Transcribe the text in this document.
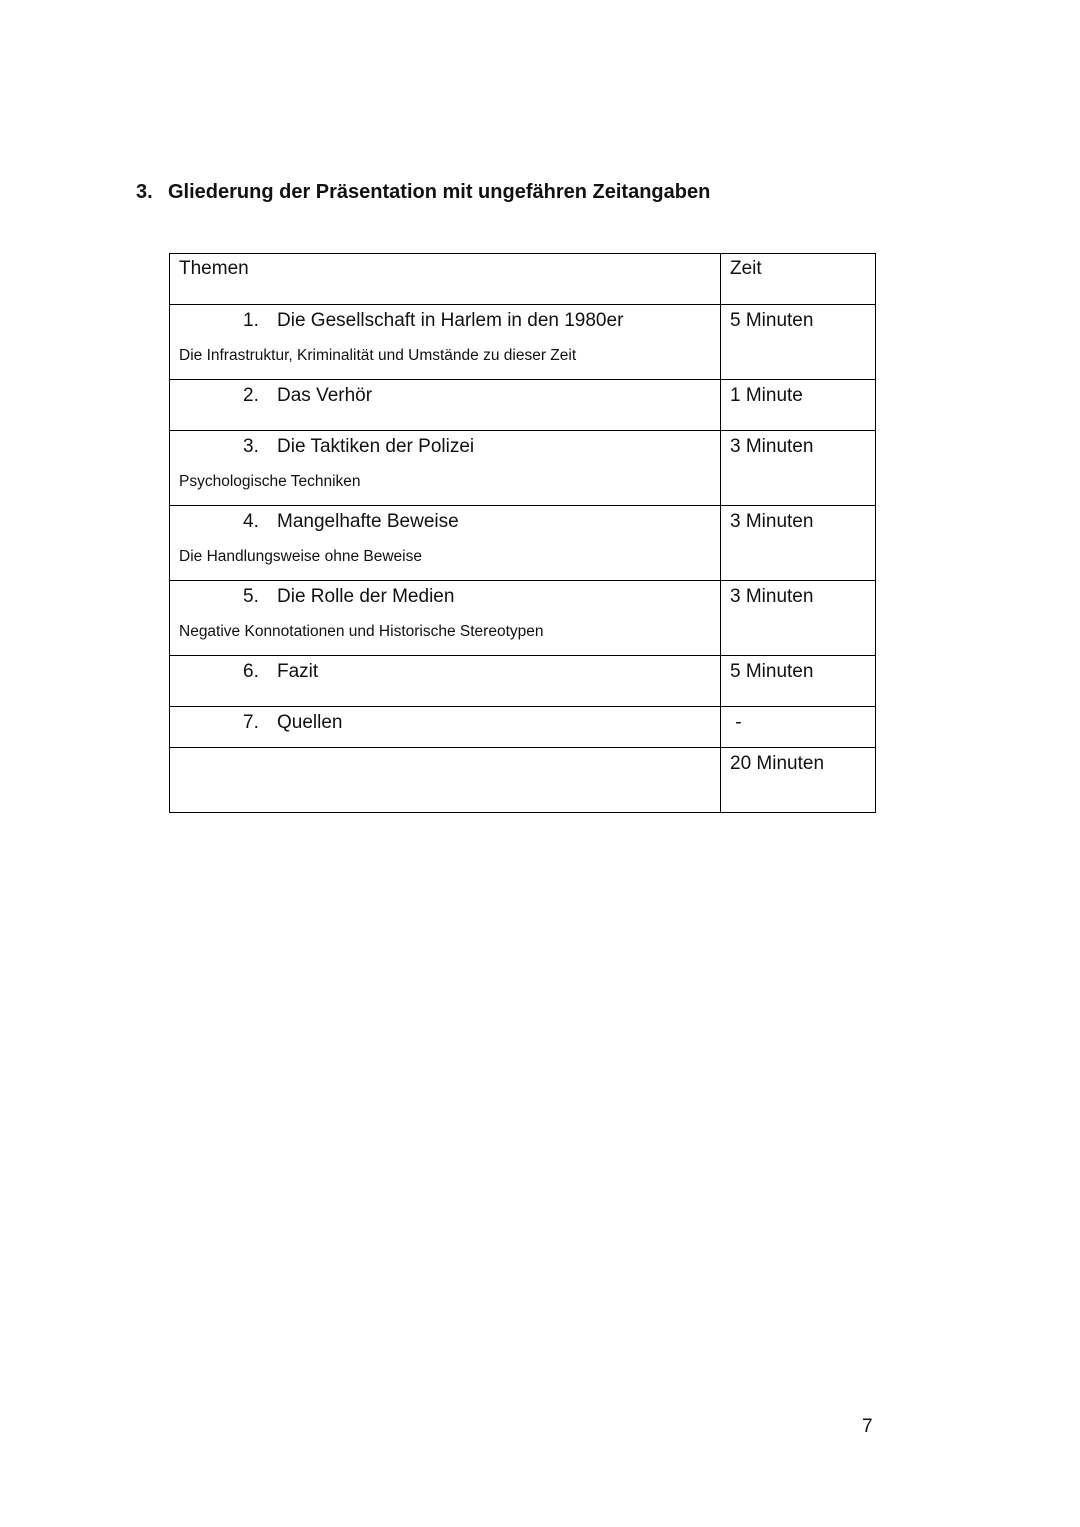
3. Gliederung der Präsentation mit ungefähren Zeitangaben
Themen	Zeit

1. Die Gesellschaft in Harlem in den 1980er
Die Infrastruktur, Kriminalität und Umstände zu dieser Zeit	5 Minuten

2. Das Verhör	1 Minute

3. Die Taktiken der Polizei
Psychologische Techniken	3 Minuten

4. Mangelhafte Beweise
Die Handlungsweise ohne Beweise	3 Minuten

5. Die Rolle der Medien
Negative Konnotationen und Historische Stereotypen	3 Minuten

6. Fazit	5 Minuten

7. Quellen	-

	20 Minuten
7
